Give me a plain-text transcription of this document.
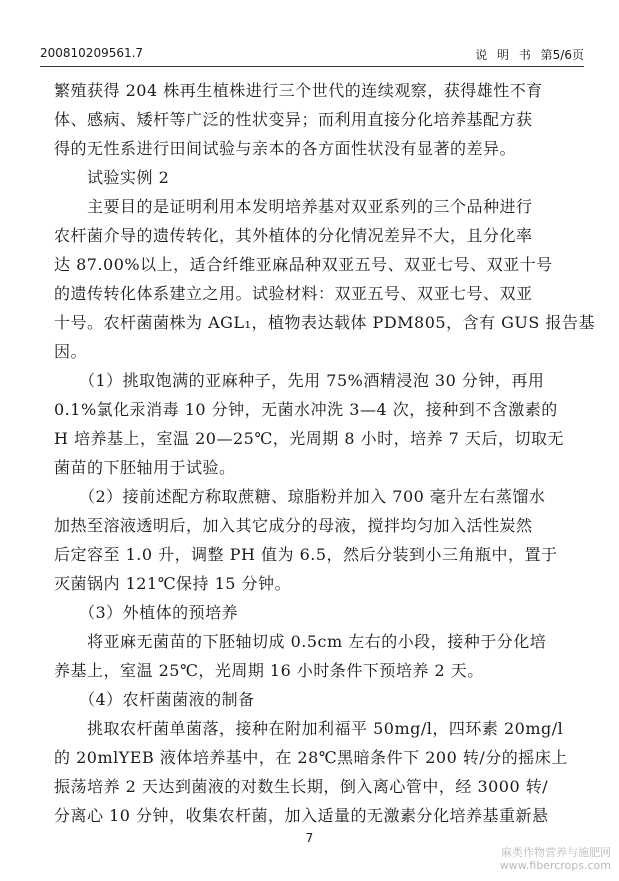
200810209561.7	说 明 书 第5/6页
繁殖获得 204 株再生植株进行三个世代的连续观察，获得雄性不育
体、感病、矮杆等广泛的性状变异；而利用直接分化培养基配方获
得的无性系进行田间试验与亲本的各方面性状没有显著的差异。
　　试验实例 2
　　主要目的是证明利用本发明培养基对双亚系列的三个品种进行
农杆菌介导的遗传转化，其外植体的分化情况差异不大，且分化率
达 87.00%以上，适合纤维亚麻品种双亚五号、双亚七号、双亚十号
的遗传转化体系建立之用。试验材料：双亚五号、双亚七号、双亚
十号。农杆菌菌株为 AGL₁，植物表达载体 PDM805，含有 GUS 报告基
因。
　　（1）挑取饱满的亚麻种子，先用 75%酒精浸泡 30 分钟，再用
0.1%氯化汞消毒 10 分钟，无菌水冲洗 3—4 次，接种到不含激素的
H 培养基上，室温 20—25℃，光周期 8 小时，培养 7 天后，切取无
菌苗的下胚轴用于试验。
　　（2）接前述配方称取蔗糖、琼脂粉并加入 700 毫升左右蒸馏水
加热至溶液透明后，加入其它成分的母液，搅拌均匀加入活性炭然
后定容至 1.0 升，调整 PH 值为 6.5，然后分装到小三角瓶中，置于
灭菌锅内 121℃保持 15 分钟。
　　（3）外植体的预培养
　　将亚麻无菌苗的下胚轴切成 0.5cm 左右的小段，接种于分化培
养基上，室温 25℃，光周期 16 小时条件下预培养 2 天。
　　（4）农杆菌菌液的制备
　　挑取农杆菌单菌落，接种在附加利福平 50mg/l，四环素 20mg/l
的 20mlYEB 液体培养基中，在 28℃黑暗条件下 200 转/分的摇床上
振荡培养 2 天达到菌液的对数生长期，倒入离心管中，经 3000 转/
分离心 10 分钟，收集农杆菌，加入适量的无激素分化培养基重新悬
7
麻类作物营养与施肥网
www.fibercrops.com
